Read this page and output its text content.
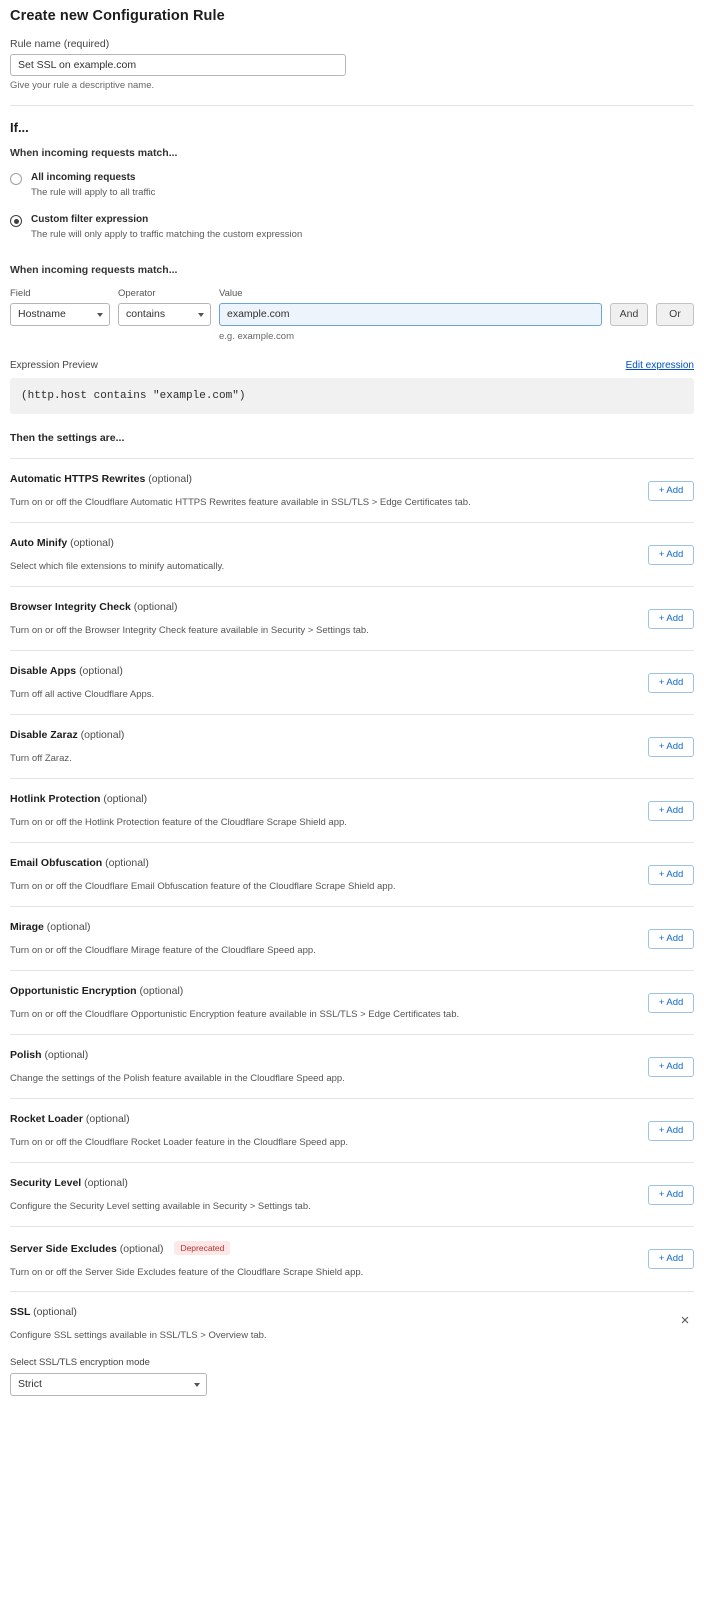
Create new Configuration Rule
Rule name (required)
Set SSL on example.com
Give your rule a descriptive name.
If...
When incoming requests match...
All incoming requests
The rule will apply to all traffic
Custom filter expression
The rule will only apply to traffic matching the custom expression
When incoming requests match...
Field
Hostname
Operator
contains
Value
example.com
e.g. example.com
And	Or
Expression Preview	Edit expression
(http.host contains "example.com")
Then the settings are...
Automatic HTTPS Rewrites (optional)
Turn on or off the Cloudflare Automatic HTTPS Rewrites feature available in SSL/TLS > Edge Certificates tab.
+ Add
Auto Minify (optional)
Select which file extensions to minify automatically.
+ Add
Browser Integrity Check (optional)
Turn on or off the Browser Integrity Check feature available in Security > Settings tab.
+ Add
Disable Apps (optional)
Turn off all active Cloudflare Apps.
+ Add
Disable Zaraz (optional)
Turn off Zaraz.
+ Add
Hotlink Protection (optional)
Turn on or off the Hotlink Protection feature of the Cloudflare Scrape Shield app.
+ Add
Email Obfuscation (optional)
Turn on or off the Cloudflare Email Obfuscation feature of the Cloudflare Scrape Shield app.
+ Add
Mirage (optional)
Turn on or off the Cloudflare Mirage feature of the Cloudflare Speed app.
+ Add
Opportunistic Encryption (optional)
Turn on or off the Cloudflare Opportunistic Encryption feature available in SSL/TLS > Edge Certificates tab.
+ Add
Polish (optional)
Change the settings of the Polish feature available in the Cloudflare Speed app.
+ Add
Rocket Loader (optional)
Turn on or off the Cloudflare Rocket Loader feature in the Cloudflare Speed app.
+ Add
Security Level (optional)
Configure the Security Level setting available in Security > Settings tab.
+ Add
Server Side Excludes (optional) Deprecated
Turn on or off the Server Side Excludes feature of the Cloudflare Scrape Shield app.
+ Add
SSL (optional)
Configure SSL settings available in SSL/TLS > Overview tab.
×
Select SSL/TLS encryption mode
Strict
